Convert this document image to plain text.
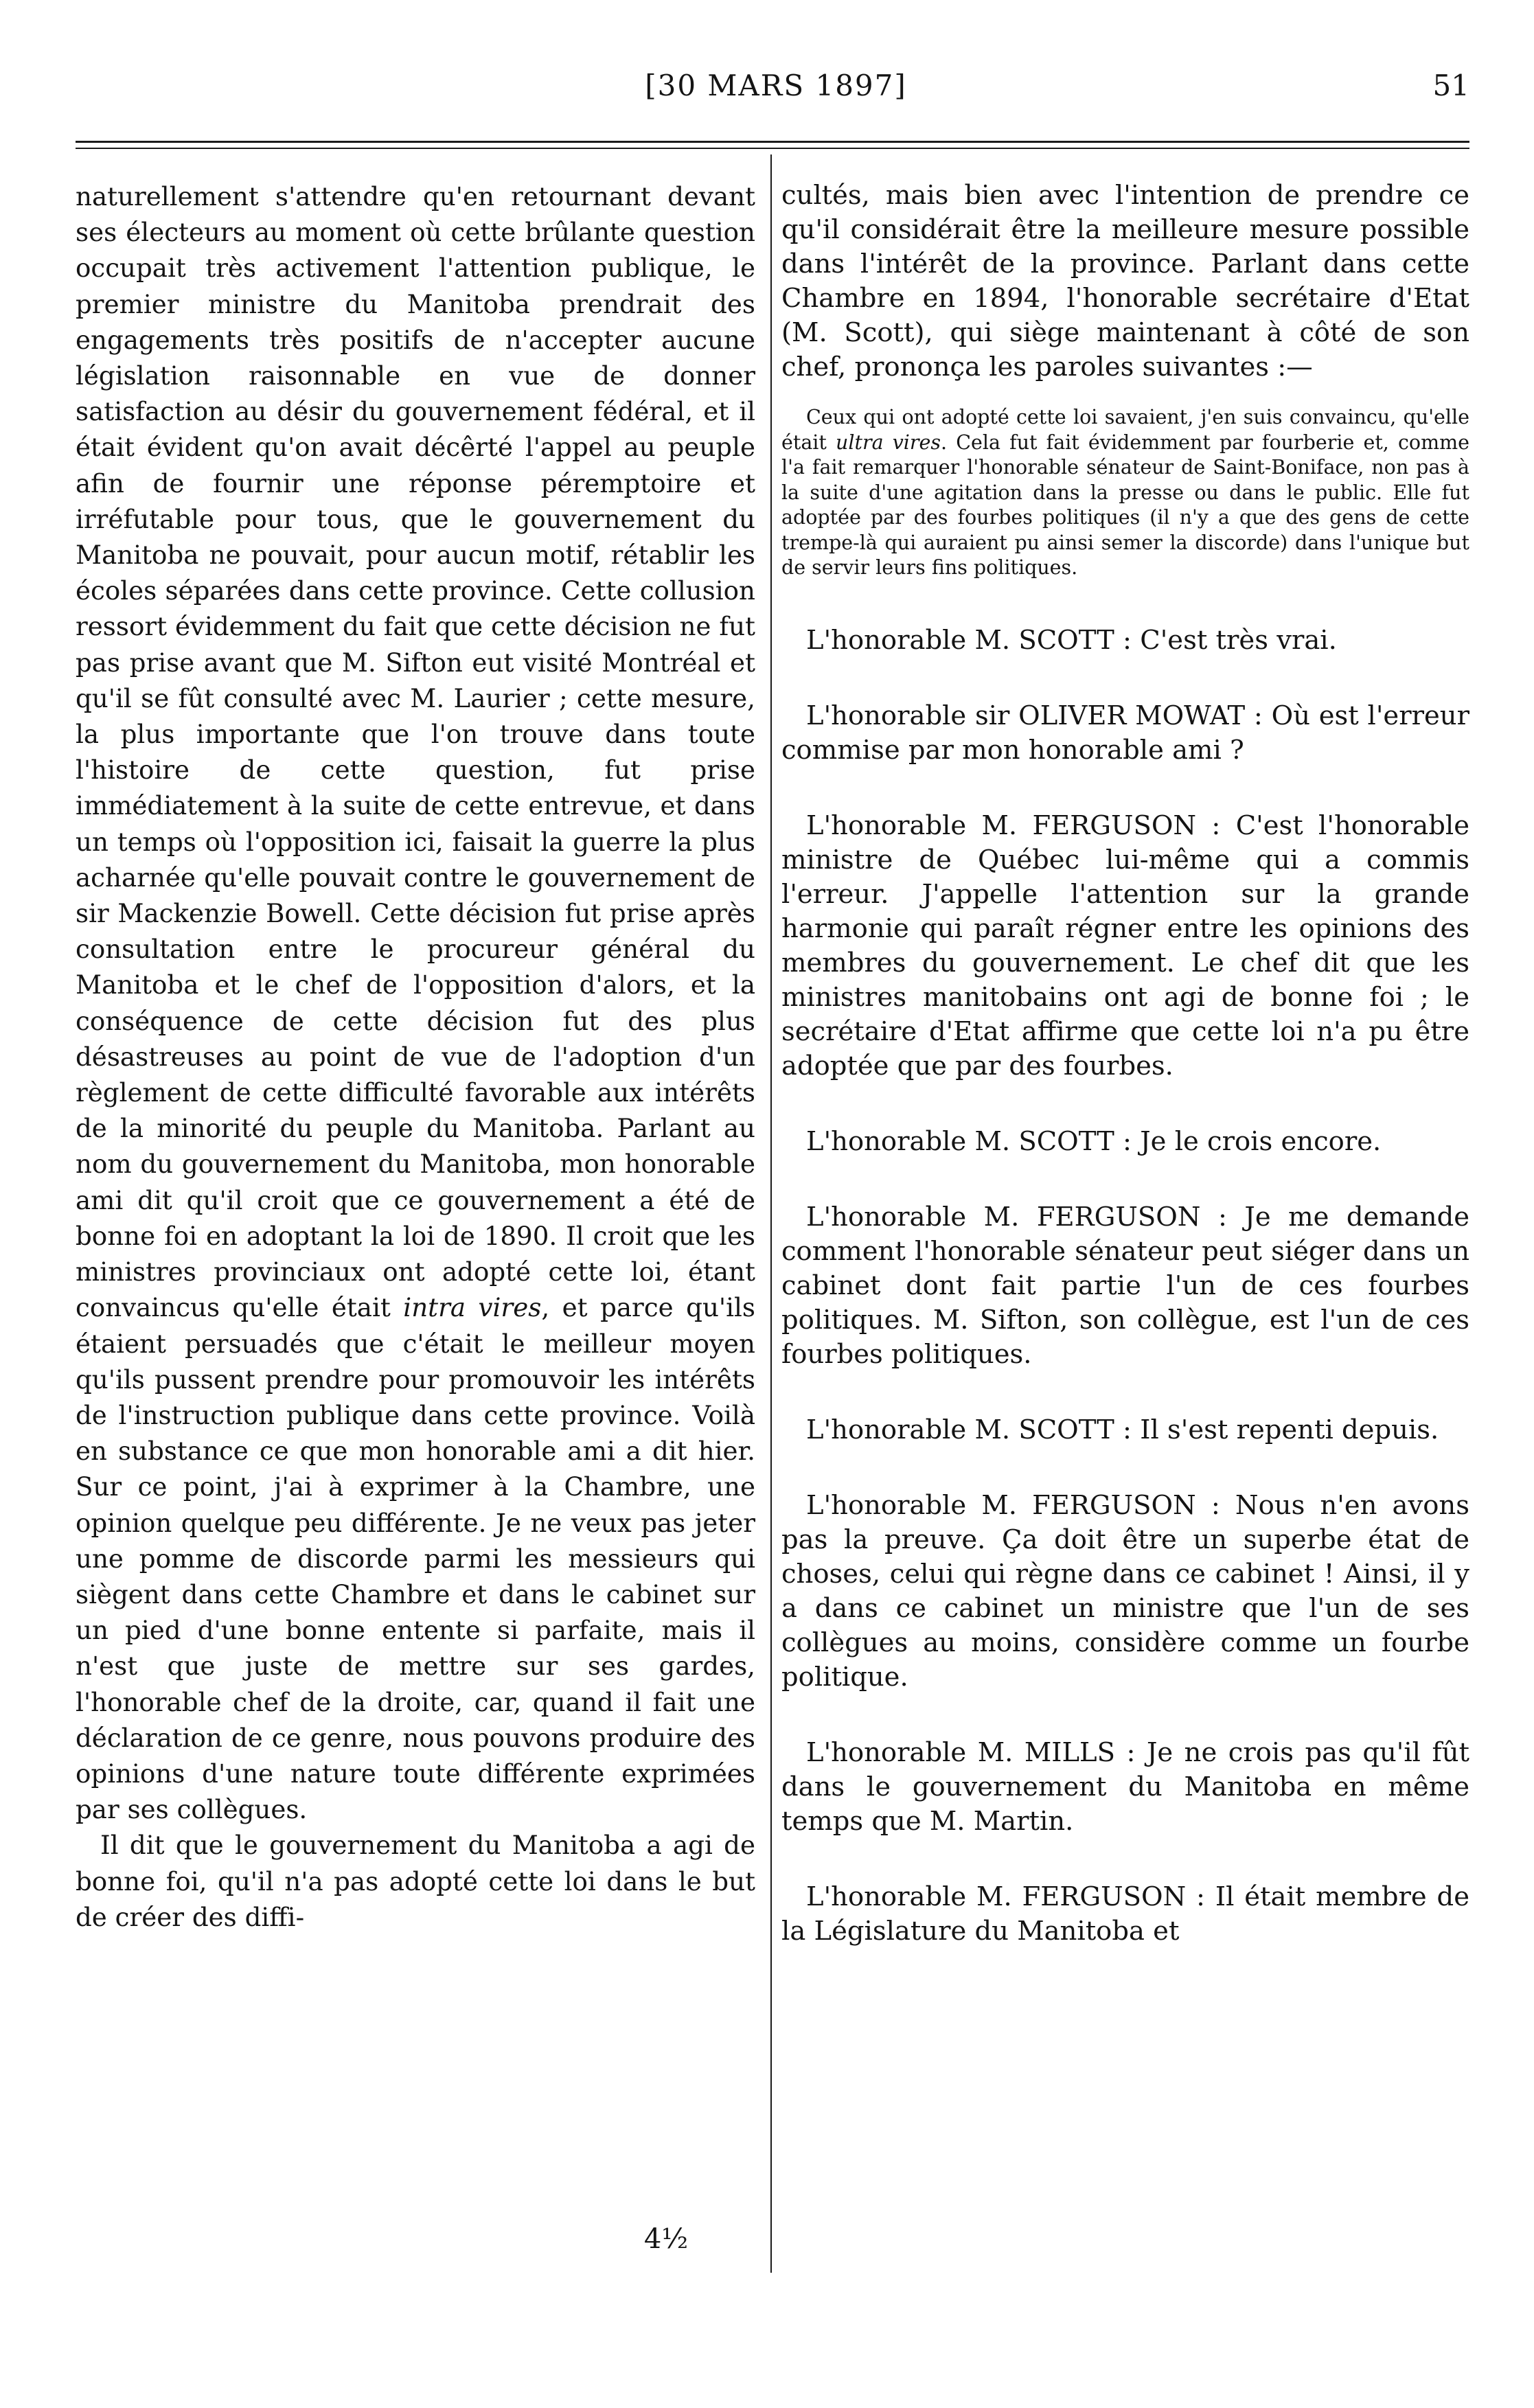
[30 MARS 1897]	51

naturellement s'attendre qu'en retournant devant ses électeurs au moment où cette brûlante question occupait très activement l'attention publique, le premier ministre du Manitoba prendrait des engagements très positifs de n'accepter aucune législation raisonnable en vue de donner satisfaction au désir du gouvernement fédéral, et il était évident qu'on avait décêrté l'appel au peuple afin de fournir une réponse péremptoire et irréfutable pour tous, que le gouvernement du Manitoba ne pouvait, pour aucun motif, rétablir les écoles séparées dans cette province. Cette collusion ressort évidemment du fait que cette décision ne fut pas prise avant que M. Sifton eut visité Montréal et qu'il se fût consulté avec M. Laurier ; cette mesure, la plus importante que l'on trouve dans toute l'histoire de cette question, fut prise immédiatement à la suite de cette entrevue, et dans un temps où l'opposition ici, faisait la guerre la plus acharnée qu'elle pouvait contre le gouvernement de sir Mackenzie Bowell. Cette décision fut prise après consultation entre le procureur général du Manitoba et le chef de l'opposition d'alors, et la conséquence de cette décision fut des plus désastreuses au point de vue de l'adoption d'un règlement de cette difficulté favorable aux intérêts de la minorité du peuple du Manitoba. Parlant au nom du gouvernement du Manitoba, mon honorable ami dit qu'il croit que ce gouvernement a été de bonne foi en adoptant la loi de 1890. Il croit que les ministres provinciaux ont adopté cette loi, étant convaincus qu'elle était intra vires, et parce qu'ils étaient persuadés que c'était le meilleur moyen qu'ils pussent prendre pour promouvoir les intérêts de l'instruction publique dans cette province. Voilà en substance ce que mon honorable ami a dit hier. Sur ce point, j'ai à exprimer à la Chambre, une opinion quelque peu différente. Je ne veux pas jeter une pomme de discorde parmi les messieurs qui siègent dans cette Chambre et dans le cabinet sur un pied d'une bonne entente si parfaite, mais il n'est que juste de mettre sur ses gardes, l'honorable chef de la droite, car, quand il fait une déclaration de ce genre, nous pouvons produire des opinions d'une nature toute différente exprimées par ses collègues.

Il dit que le gouvernement du Manitoba a agi de bonne foi, qu'il n'a pas adopté cette loi dans le but de créer des diffi-

cultés, mais bien avec l'intention de prendre ce qu'il considérait être la meilleure mesure possible dans l'intérêt de la province. Parlant dans cette Chambre en 1894, l'honorable secrétaire d'Etat (M. Scott), qui siège maintenant à côté de son chef, prononça les paroles suivantes :—

Ceux qui ont adopté cette loi savaient, j'en suis convaincu, qu'elle était ultra vires. Cela fut fait évidemment par fourberie et, comme l'a fait remarquer l'honorable sénateur de Saint-Boniface, non pas à la suite d'une agitation dans la presse ou dans le public. Elle fut adoptée par des fourbes politiques (il n'y a que des gens de cette trempe-là qui auraient pu ainsi semer la discorde) dans l'unique but de servir leurs fins politiques.

L'honorable M. SCOTT : C'est très vrai.

L'honorable sir OLIVER MOWAT : Où est l'erreur commise par mon honorable ami ?

L'honorable M. FERGUSON : C'est l'honorable ministre de Québec lui-même qui a commis l'erreur. J'appelle l'attention sur la grande harmonie qui paraît régner entre les opinions des membres du gouvernement. Le chef dit que les ministres manitobains ont agi de bonne foi ; le secrétaire d'Etat affirme que cette loi n'a pu être adoptée que par des fourbes.

L'honorable M. SCOTT : Je le crois encore.

L'honorable M. FERGUSON : Je me demande comment l'honorable sénateur peut siéger dans un cabinet dont fait partie l'un de ces fourbes politiques. M. Sifton, son collègue, est l'un de ces fourbes politiques.

L'honorable M. SCOTT : Il s'est repenti depuis.

L'honorable M. FERGUSON : Nous n'en avons pas la preuve. Ça doit être un superbe état de choses, celui qui règne dans ce cabinet ! Ainsi, il y a dans ce cabinet un ministre que l'un de ses collègues au moins, considère comme un fourbe politique.

L'honorable M. MILLS : Je ne crois pas qu'il fût dans le gouvernement du Manitoba en même temps que M. Martin.

L'honorable M. FERGUSON : Il était membre de la Législature du Manitoba et

4½
